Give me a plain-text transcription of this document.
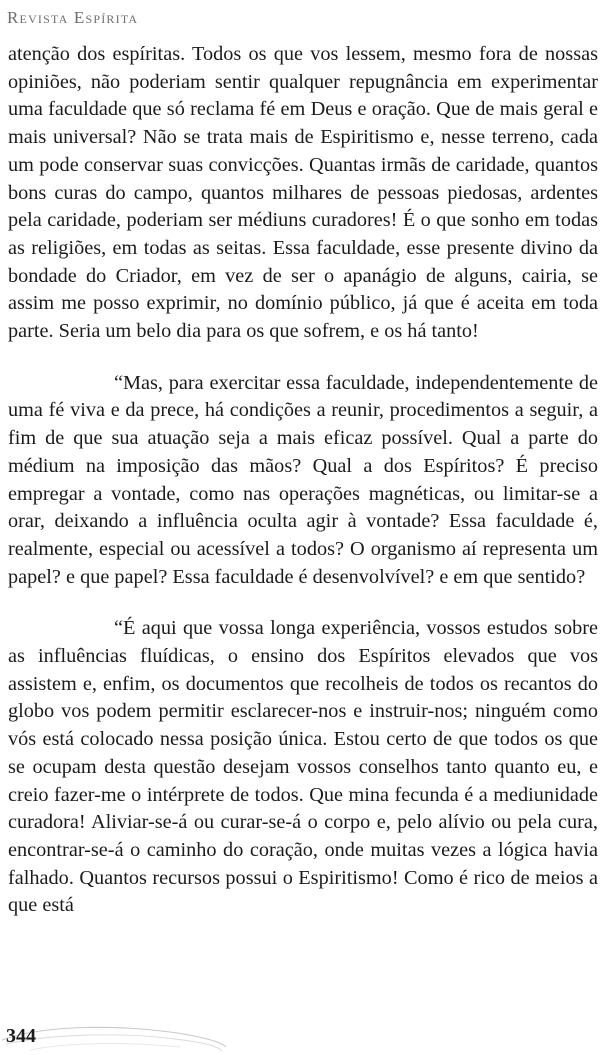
Revista Espírita

atenção dos espíritas. Todos os que vos lessem, mesmo fora de nossas opiniões, não poderiam sentir qualquer repugnância em experimentar uma faculdade que só reclama fé em Deus e oração. Que de mais geral e mais universal? Não se trata mais de Espiritismo e, nesse terreno, cada um pode conservar suas convicções. Quantas irmãs de caridade, quantos bons curas do campo, quantos milhares de pessoas piedosas, ardentes pela caridade, poderiam ser médiuns curadores! É o que sonho em todas as religiões, em todas as seitas. Essa faculdade, esse presente divino da bondade do Criador, em vez de ser o apanágio de alguns, cairia, se assim me posso exprimir, no domínio público, já que é aceita em toda parte. Seria um belo dia para os que sofrem, e os há tanto!

“Mas, para exercitar essa faculdade, independentemente de uma fé viva e da prece, há condições a reunir, procedimentos a seguir, a fim de que sua atuação seja a mais eficaz possível. Qual a parte do médium na imposição das mãos? Qual a dos Espíritos? É preciso empregar a vontade, como nas operações magnéticas, ou limitar-se a orar, deixando a influência oculta agir à vontade? Essa faculdade é, realmente, especial ou acessível a todos? O organismo aí representa um papel? e que papel? Essa faculdade é desenvolvível? e em que sentido?

“É aqui que vossa longa experiência, vossos estudos sobre as influências fluídicas, o ensino dos Espíritos elevados que vos assistem e, enfim, os documentos que recolheis de todos os recantos do globo vos podem permitir esclarecer-nos e instruir-nos; ninguém como vós está colocado nessa posição única. Estou certo de que todos os que se ocupam desta questão desejam vossos conselhos tanto quanto eu, e creio fazer-me o intérprete de todos. Que mina fecunda é a mediunidade curadora! Aliviar-se-á ou curar-se-á o corpo e, pelo alívio ou pela cura, encontrar-se-á o caminho do coração, onde muitas vezes a lógica havia falhado. Quantos recursos possui o Espiritismo! Como é rico de meios a que está

344
